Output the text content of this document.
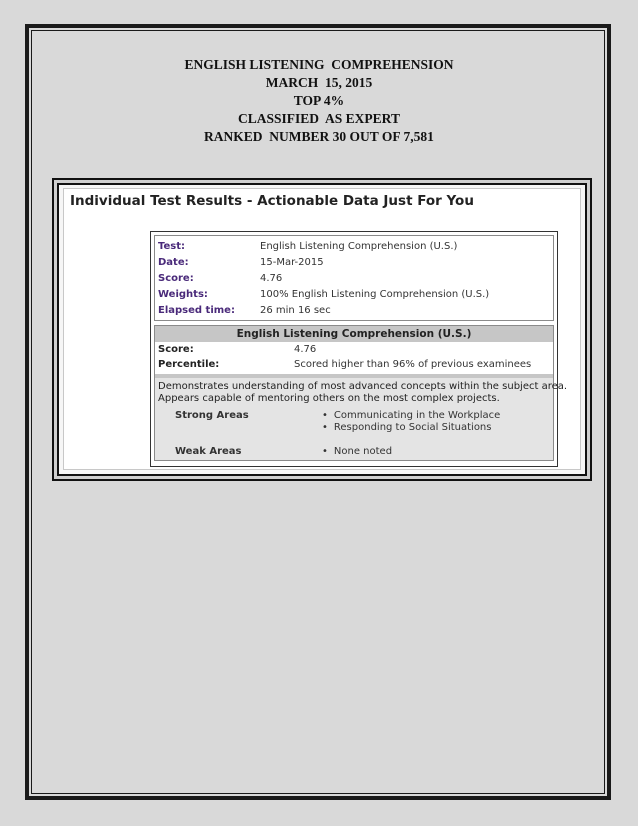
ENGLISH LISTENING  COMPREHENSION
MARCH  15, 2015
TOP 4%
CLASSIFIED  AS EXPERT
RANKED  NUMBER 30 OUT OF 7,581
Individual Test Results - Actionable Data Just For You
Test:	English Listening Comprehension (U.S.)
Date:	15-Mar-2015
Score:	4.76
Weights:	100% English Listening Comprehension (U.S.)
Elapsed time:	26 min 16 sec
English Listening Comprehension (U.S.)
Score:	4.76
Percentile:	Scored higher than 96% of previous examinees
Demonstrates understanding of most advanced concepts within the subject area.
Appears capable of mentoring others on the most complex projects.
Strong Areas	• Communicating in the Workplace
• Responding to Social Situations
Weak Areas	• None noted
